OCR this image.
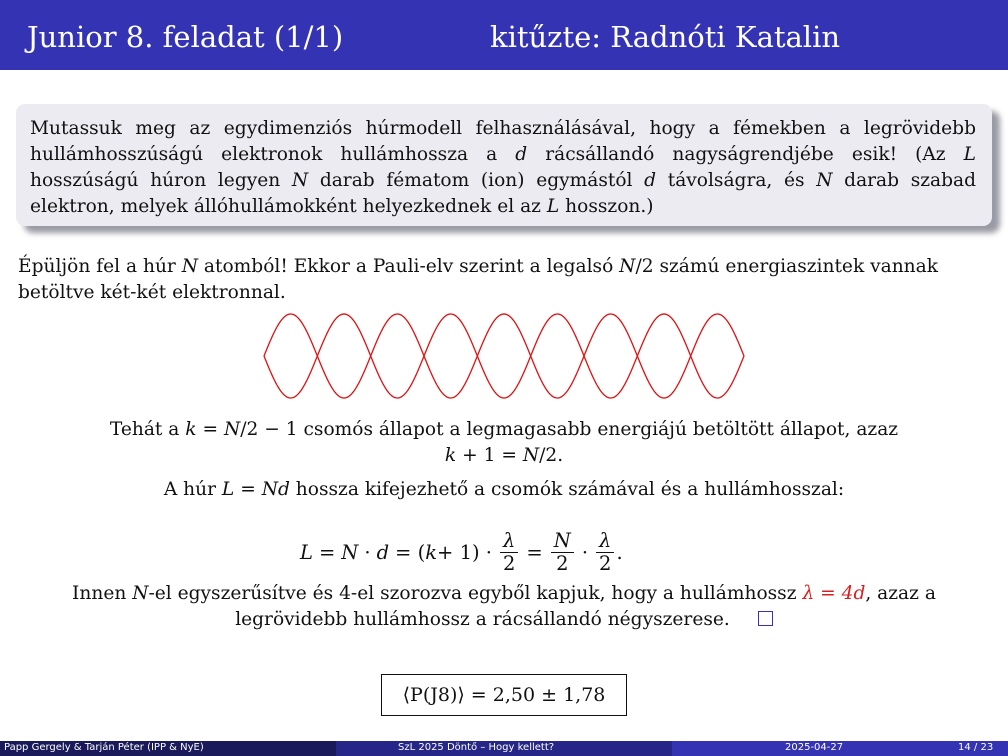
Junior 8. feladat (1/1)	kitűzte: Radnóti Katalin
Mutassuk meg az egydimenziós húrmodell felhasználásával, hogy a fémekben a legrövidebb hullámhosszúságú elektronok hullámhossza a d rácsállandó nagyságrendjébe esik! (Az L hosszúságú húron legyen N darab fématom (ion) egymástól d távolságra, és N darab szabad elektron, melyek állóhullámokként helyezkednek el az L hosszon.)
Épüljön fel a húr N atomból! Ekkor a Pauli-elv szerint a legalsó N/2 számú energiaszintek vannak betöltve két-két elektronnal.
Tehát a k = N/2 − 1 csomós állapot a legmagasabb energiájú betöltött állapot, azaz
k + 1 = N/2.
A húr L = Nd hossza kifejezhető a csomók számával és a hullámhosszal:
L = N · d = ( $k + 1) \cdot \frac{\lambda}{2} = \frac{N}{2} \cdot \frac{\lambda}{2}$ .
Innen N-el egyszerűsítve és 4-el szorozva egyből kapjuk, hogy a hullámhossz λ = 4d, azaz a
legrövidebb hullámhossz a rácsállandó négyszerese.
⟨P(J8)⟩ = 2,50 ± 1,78
Papp Gergely & Tarján Péter (IPP & NyE)	SzL 2025 Döntő – Hogy kellett?	2025-04-27	14 / 23
